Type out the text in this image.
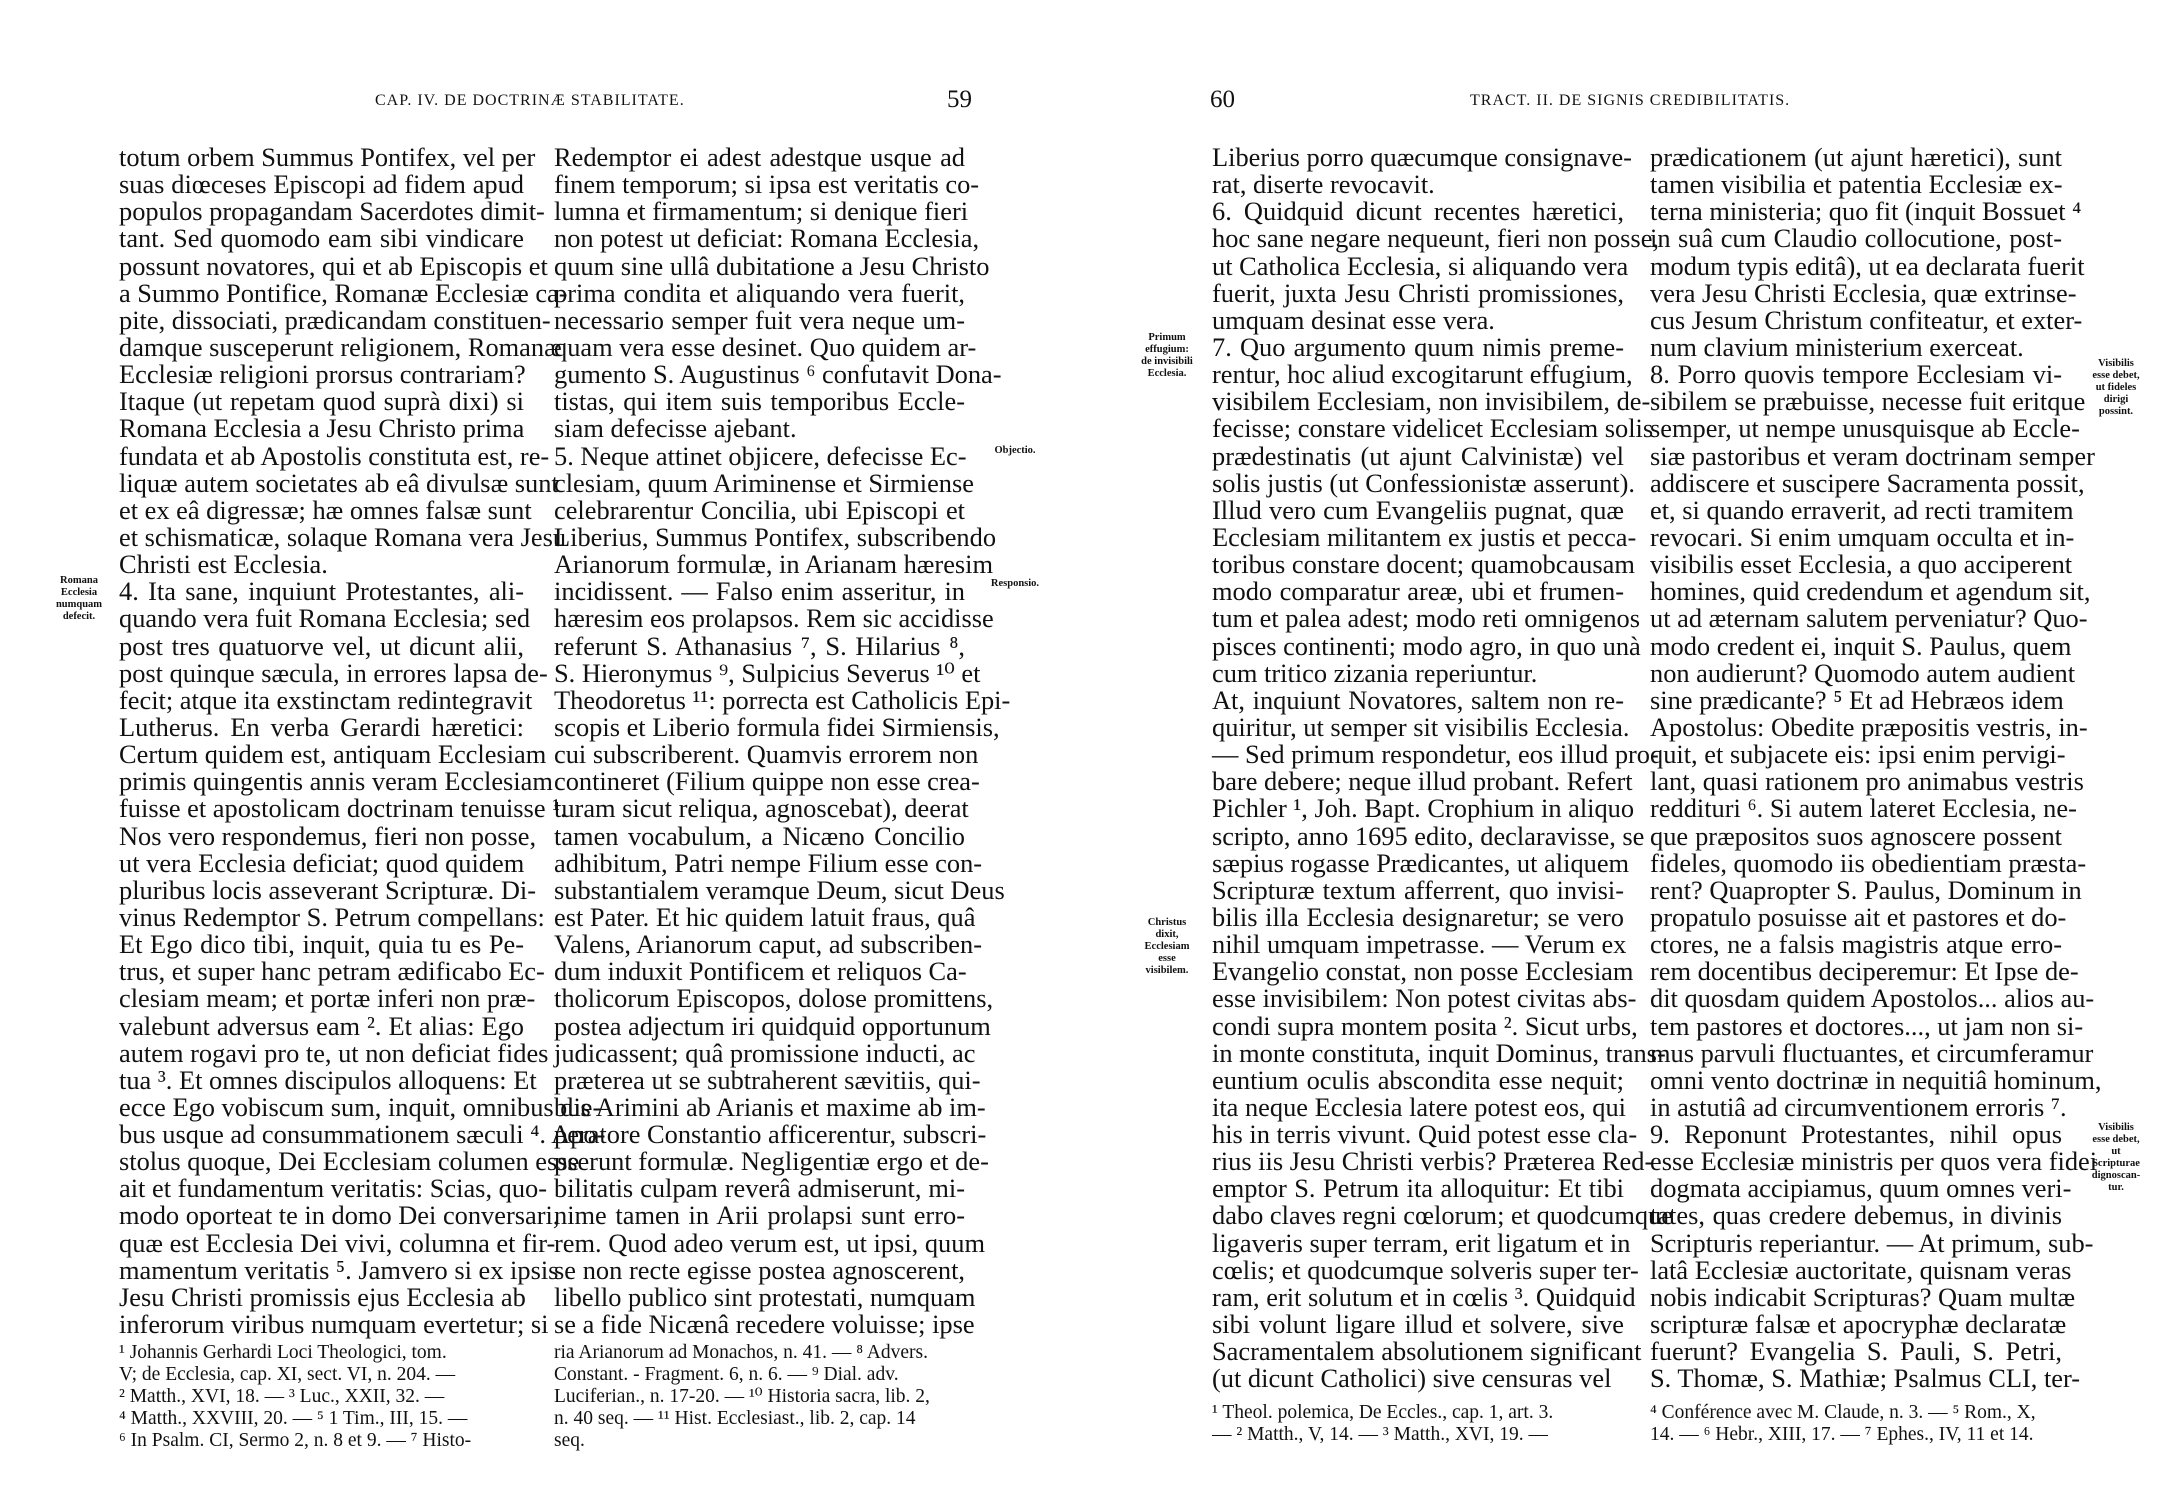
CAP. IV. DE DOCTRINÆ STABILITATE.	59
totum orbem Summus Pontifex, vel per
suas diœceses Episcopi ad fidem apud
populos propagandam Sacerdotes dimit-
tant. Sed quomodo eam sibi vindicare
possunt novatores, qui et ab Episcopis et
a Summo Pontifice, Romanæ Ecclesiæ ca-
pite, dissociati, prædicandam constituen-
damque susceperunt religionem, Romanæ
Ecclesiæ religioni prorsus contrariam?
Itaque (ut repetam quod suprà dixi) si
Romana Ecclesia a Jesu Christo prima
fundata et ab Apostolis constituta est, re-
liquæ autem societates ab eâ divulsæ sunt
et ex eâ digressæ; hæ omnes falsæ sunt
et schismaticæ, solaque Romana vera Jesu
Christi est Ecclesia.
4. Ita sane, inquiunt Protestantes, ali-
quando vera fuit Romana Ecclesia; sed
post tres quatuorve vel, ut dicunt alii,
post quinque sæcula, in errores lapsa de-
fecit; atque ita exstinctam redintegravit
Lutherus. En verba Gerardi hæretici:
Certum quidem est, antiquam Ecclesiam
primis quingentis annis veram Ecclesiam
fuisse et apostolicam doctrinam tenuisse ¹.
Nos vero respondemus, fieri non posse,
ut vera Ecclesia deficiat; quod quidem
pluribus locis asseverant Scripturæ. Di-
vinus Redemptor S. Petrum compellans:
Et Ego dico tibi, inquit, quia tu es Pe-
trus, et super hanc petram ædificabo Ec-
clesiam meam; et portæ inferi non præ-
valebunt adversus eam ². Et alias: Ego
autem rogavi pro te, ut non deficiat fides
tua ³. Et omnes discipulos alloquens: Et
ecce Ego vobiscum sum, inquit, omnibus die-
bus usque ad consummationem sæculi ⁴. Apo-
stolus quoque, Dei Ecclesiam columen esse
ait et fundamentum veritatis: Scias, quo-
modo oporteat te in domo Dei conversari,
quæ est Ecclesia Dei vivi, columna et fir-
mamentum veritatis ⁵. Jamvero si ex ipsis
Jesu Christi promissis ejus Ecclesia ab
inferorum viribus numquam evertetur; si
Redemptor ei adest adestque usque ad
finem temporum; si ipsa est veritatis co-
lumna et firmamentum; si denique fieri
non potest ut deficiat: Romana Ecclesia,
quum sine ullâ dubitatione a Jesu Christo
prima condita et aliquando vera fuerit,
necessario semper fuit vera neque um-
quam vera esse desinet. Quo quidem ar-
gumento S. Augustinus ⁶ confutavit Dona-
tistas, qui item suis temporibus Eccle-
siam defecisse ajebant.
5. Neque attinet objicere, defecisse Ec-
clesiam, quum Ariminense et Sirmiense
celebrarentur Concilia, ubi Episcopi et
Liberius, Summus Pontifex, subscribendo
Arianorum formulæ, in Arianam hæresim
incidissent. — Falso enim asseritur, in
hæresim eos prolapsos. Rem sic accidisse
referunt S. Athanasius ⁷, S. Hilarius ⁸,
S. Hieronymus ⁹, Sulpicius Severus ¹⁰ et
Theodoretus ¹¹: porrecta est Catholicis Epi-
scopis et Liberio formula fidei Sirmiensis,
cui subscriberent. Quamvis errorem non
contineret (Filium quippe non esse crea-
turam sicut reliqua, agnoscebat), deerat
tamen vocabulum, a Nicæno Concilio
adhibitum, Patri nempe Filium esse con-
substantialem veramque Deum, sicut Deus
est Pater. Et hic quidem latuit fraus, quâ
Valens, Arianorum caput, ad subscriben-
dum induxit Pontificem et reliquos Ca-
tholicorum Episcopos, dolose promittens,
postea adjectum iri quidquid opportunum
judicassent; quâ promissione inducti, ac
præterea ut se subtraherent sævitiis, qui-
bus Arimini ab Arianis et maxime ab im-
peratore Constantio afficerentur, subscri-
pserunt formulæ. Negligentiæ ergo et de-
bilitatis culpam reverâ admiserunt, mi-
nime tamen in Arii prolapsi sunt erro-
rem. Quod adeo verum est, ut ipsi, quum
se non recte egisse postea agnoscerent,
libello publico sint protestati, numquam
se a fide Nicænâ recedere voluisse; ipse
Romana
Ecclesia
numquam
defecit.
Objectio.
Responsio.
¹ Johannis Gerhardi Loci Theologici, tom.
V; de Ecclesia, cap. XI, sect. VI, n. 204. —
² Matth., XVI, 18. — ³ Luc., XXII, 32. —
⁴ Matth., XXVIII, 20. — ⁵ 1 Tim., III, 15. —
⁶ In Psalm. CI, Sermo 2, n. 8 et 9. — ⁷ Histo-
ria Arianorum ad Monachos, n. 41. — ⁸ Advers.
Constant. - Fragment. 6, n. 6. — ⁹ Dial. adv.
Luciferian., n. 17-20. — ¹⁰ Historia sacra, lib. 2,
n. 40 seq. — ¹¹ Hist. Ecclesiast., lib. 2, cap. 14
seq.
60	TRACT. II. DE SIGNIS CREDIBILITATIS.
Liberius porro quæcumque consignave-
rat, diserte revocavit.
6. Quidquid dicunt recentes hæretici,
hoc sane negare nequeunt, fieri non posse,
ut Catholica Ecclesia, si aliquando vera
fuerit, juxta Jesu Christi promissiones,
umquam desinat esse vera.
7. Quo argumento quum nimis preme-
rentur, hoc aliud excogitarunt effugium,
visibilem Ecclesiam, non invisibilem, de-
fecisse; constare videlicet Ecclesiam solis
prædestinatis (ut ajunt Calvinistæ) vel
solis justis (ut Confessionistæ asserunt).
Illud vero cum Evangeliis pugnat, quæ
Ecclesiam militantem ex justis et pecca-
toribus constare docent; quamobcausam
modo comparatur areæ, ubi et frumen-
tum et palea adest; modo reti omnigenos
pisces continenti; modo agro, in quo unà
cum tritico zizania reperiuntur.
At, inquiunt Novatores, saltem non re-
quiritur, ut semper sit visibilis Ecclesia.
— Sed primum respondetur, eos illud pro-
bare debere; neque illud probant. Refert
Pichler ¹, Joh. Bapt. Crophium in aliquo
scripto, anno 1695 edito, declaravisse, se
sæpius rogasse Prædicantes, ut aliquem
Scripturæ textum afferrent, quo invisi-
bilis illa Ecclesia designaretur; se vero
nihil umquam impetrasse. — Verum ex
Evangelio constat, non posse Ecclesiam
esse invisibilem: Non potest civitas abs-
condi supra montem posita ². Sicut urbs,
in monte constituta, inquit Dominus, trans-
euntium oculis abscondita esse nequit;
ita neque Ecclesia latere potest eos, qui
his in terris vivunt. Quid potest esse cla-
rius iis Jesu Christi verbis? Præterea Red-
emptor S. Petrum ita alloquitur: Et tibi
dabo claves regni cœlorum; et quodcumque
ligaveris super terram, erit ligatum et in
cœlis; et quodcumque solveris super ter-
ram, erit solutum et in cœlis ³. Quidquid
sibi volunt ligare illud et solvere, sive
Sacramentalem absolutionem significant
(ut dicunt Catholici) sive censuras vel
prædicationem (ut ajunt hæretici), sunt
tamen visibilia et patentia Ecclesiæ ex-
terna ministeria; quo fit (inquit Bossuet ⁴
in suâ cum Claudio collocutione, post-
modum typis editâ), ut ea declarata fuerit
vera Jesu Christi Ecclesia, quæ extrinse-
cus Jesum Christum confiteatur, et exter-
num clavium ministerium exerceat.
8. Porro quovis tempore Ecclesiam vi-
sibilem se præbuisse, necesse fuit eritque
semper, ut nempe unusquisque ab Eccle-
siæ pastoribus et veram doctrinam semper
addiscere et suscipere Sacramenta possit,
et, si quando erraverit, ad recti tramitem
revocari. Si enim umquam occulta et in-
visibilis esset Ecclesia, a quo acciperent
homines, quid credendum et agendum sit,
ut ad æternam salutem perveniatur? Quo-
modo credent ei, inquit S. Paulus, quem
non audierunt? Quomodo autem audient
sine prædicante? ⁵ Et ad Hebræos idem
Apostolus: Obedite præpositis vestris, in-
quit, et subjacete eis: ipsi enim pervigi-
lant, quasi rationem pro animabus vestris
reddituri ⁶. Si autem lateret Ecclesia, ne-
que præpositos suos agnoscere possent
fideles, quomodo iis obedientiam præsta-
rent? Quapropter S. Paulus, Dominum in
propatulo posuisse ait et pastores et do-
ctores, ne a falsis magistris atque erro-
rem docentibus deciperemur: Et Ipse de-
dit quosdam quidem Apostolos... alios au-
tem pastores et doctores..., ut jam non si-
mus parvuli fluctuantes, et circumferamur
omni vento doctrinæ in nequitiâ hominum,
in astutiâ ad circumventionem erroris ⁷.
9. Reponunt Protestantes, nihil opus
esse Ecclesiæ ministris per quos vera fidei
dogmata accipiamus, quum omnes veri-
tates, quas credere debemus, in divinis
Scripturis reperiantur. — At primum, sub-
latâ Ecclesiæ auctoritate, quisnam veras
nobis indicabit Scripturas? Quam multæ
scripturæ falsæ et apocryphæ declaratæ
fuerunt? Evangelia S. Pauli, S. Petri,
S. Thomæ, S. Mathiæ; Psalmus CLI, ter-
Primum
effugium:
de invisibili
Ecclesia.
Christus
dixit,
Ecclesiam
esse
visibilem.
Visibilis
esse debet,
ut fideles
dirigi
possint.
Visibilis
esse debet,
ut
Scripturae
dignoscan-
tur.
¹ Theol. polemica, De Eccles., cap. 1, art. 3.
— ² Matth., V, 14. — ³ Matth., XVI, 19. —
⁴ Conférence avec M. Claude, n. 3. — ⁵ Rom., X,
14. — ⁶ Hebr., XIII, 17. — ⁷ Ephes., IV, 11 et 14.
